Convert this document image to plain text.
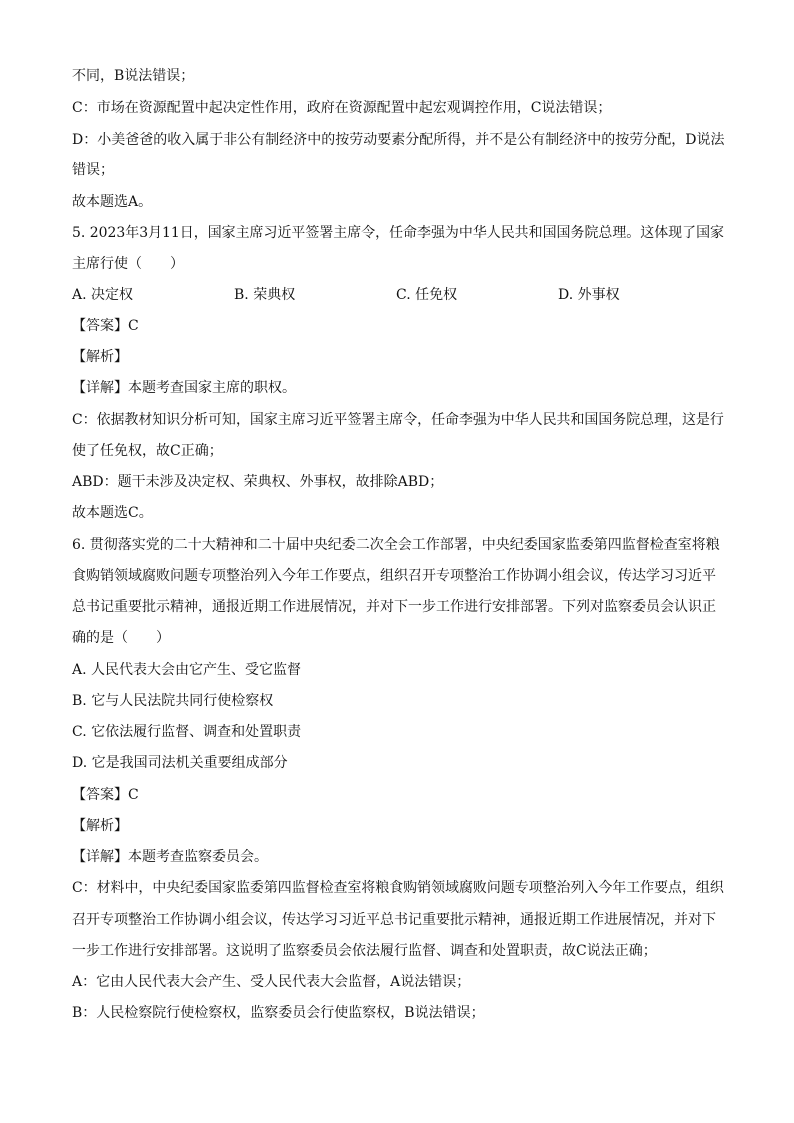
不同，B说法错误；
C：市场在资源配置中起决定性作用，政府在资源配置中起宏观调控作用，C说法错误；
D：小美爸爸的收入属于非公有制经济中的按劳动要素分配所得，并不是公有制经济中的按劳分配，D说法
错误；
故本题选A。
5. 2023年3月11日，国家主席习近平签署主席令，任命李强为中华人民共和国国务院总理。这体现了国家
主席行使（　　）
A. 决定权	B. 荣典权	C. 任免权	D. 外事权
【答案】C
【解析】
【详解】本题考查国家主席的职权。
C：依据教材知识分析可知，国家主席习近平签署主席令，任命李强为中华人民共和国国务院总理，这是行
使了任免权，故C正确；
ABD：题干未涉及决定权、荣典权、外事权，故排除ABD；
故本题选C。
6. 贯彻落实党的二十大精神和二十届中央纪委二次全会工作部署，中央纪委国家监委第四监督检查室将粮
食购销领域腐败问题专项整治列入今年工作要点，组织召开专项整治工作协调小组会议，传达学习习近平
总书记重要批示精神，通报近期工作进展情况，并对下一步工作进行安排部署。下列对监察委员会认识正
确的是（　　）
A. 人民代表大会由它产生、受它监督
B. 它与人民法院共同行使检察权
C. 它依法履行监督、调查和处置职责
D. 它是我国司法机关重要组成部分
【答案】C
【解析】
【详解】本题考查监察委员会。
C：材料中，中央纪委国家监委第四监督检查室将粮食购销领域腐败问题专项整治列入今年工作要点，组织
召开专项整治工作协调小组会议，传达学习习近平总书记重要批示精神，通报近期工作进展情况，并对下
一步工作进行安排部署。这说明了监察委员会依法履行监督、调查和处置职责，故C说法正确；
A：它由人民代表大会产生、受人民代表大会监督，A说法错误；
B：人民检察院行使检察权，监察委员会行使监察权，B说法错误；
